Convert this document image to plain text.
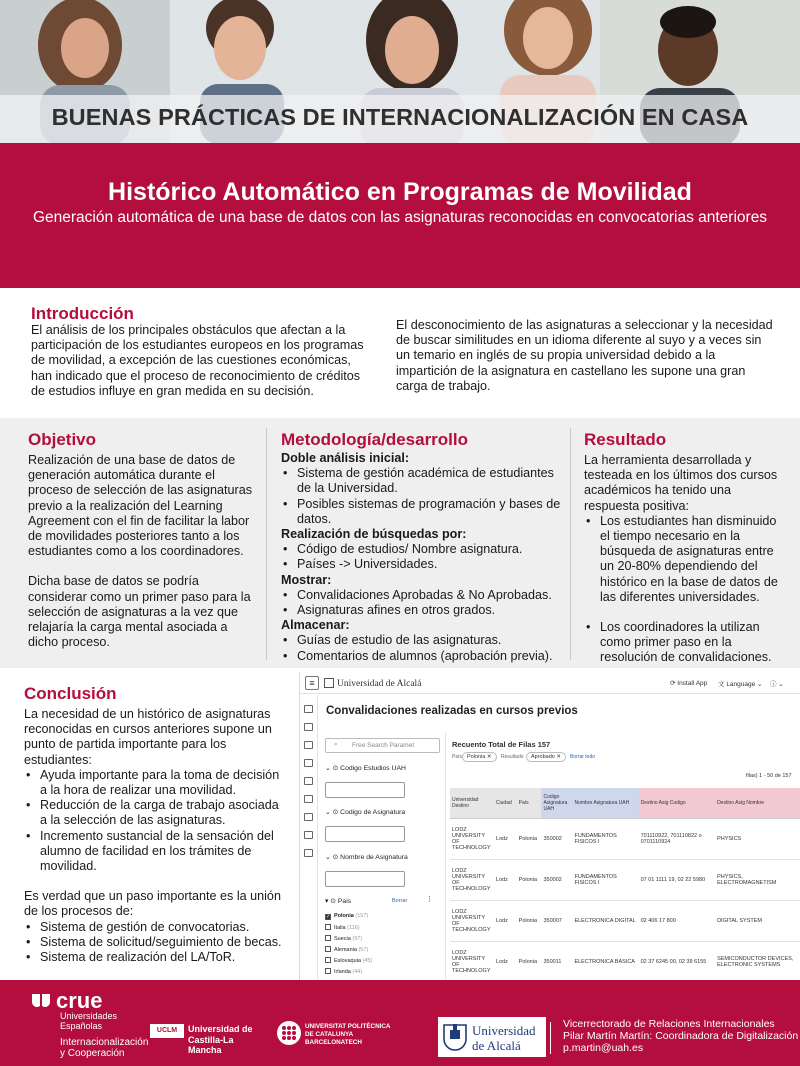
BUENAS PRÁCTICAS DE INTERNACIONALIZACIÓN EN CASA
Histórico Automático en Programas de Movilidad
Generación automática de una base de datos con las asignaturas reconocidas en convocatorias anteriores
Introducción
El análisis de los principales obstáculos que afectan a la participación de los estudiantes europeos en los programas de movilidad, a excepción de las cuestiones económicas, han indicado que el proceso de reconocimiento de créditos de estudios influye en gran medida en su decisión.
El desconocimiento de las asignaturas a seleccionar y la necesidad de buscar similitudes en un idioma diferente al suyo y a veces sin un temario en inglés de su propia universidad debido a la impartición de la asignatura en castellano les supone una gran carga de trabajo.
Objetivo
Realización de una base de datos de generación automática durante el proceso de selección de las asignaturas previo a la realización del Learning Agreement con el fin de facilitar la labor de movilidades posteriores tanto a los estudiantes como a los coordinadores.
Dicha base de datos se podría considerar como un primer paso para la selección de asignaturas a la vez que relajaría la carga mental asociada a dicho proceso.
Metodología/desarrollo
Doble análisis inicial:
• Sistema de gestión académica de estudiantes de la Universidad.
• Posibles sistemas de programación y bases de datos.
Realización de búsquedas por:
• Código de estudios/ Nombre asignatura.
• Países -> Universidades.
Mostrar:
• Convalidaciones Aprobadas & No Aprobadas.
• Asignaturas afines en otros grados.
Almacenar:
• Guías de estudio de las asignaturas.
• Comentarios de alumnos (aprobación previa).
Resultado
La herramienta desarrollada y testeada en los últimos dos cursos académicos ha tenido una respuesta positiva:
• Los estudiantes han disminuido el tiempo necesario en la búsqueda de asignaturas entre un 20-80% dependiendo del histórico en la base de datos de las diferentes universidades.
• Los coordinadores la utilizan como primer paso en la resolución de convalidaciones.
Conclusión
La necesidad de un histórico de asignaturas reconocidas en cursos anteriores supone un punto de partida importante para los estudiantes:
• Ayuda importante para la toma de decisión a la hora de realizar una movilidad.
• Reducción de la carga de trabajo asociada a la selección de las asignaturas.
• Incremento sustancial de la sensación del alumno de facilidad en los trámites de movilidad.
Es verdad que un paso importante es la unión de los procesos de:
• Sistema de gestión de convocatorias.
• Sistema de solicitud/seguimiento de becas.
• Sistema de realización del LA/ToR.
≡	Universidad de Alcalá	⟳ Install App 文 Language ⌄ ⓘ ⌄
Convalidaciones realizadas en cursos previos
⌕ Free Search Paramet
⌄ ⊙ Codigo Estudios UAH
⌄ ⊙ Codigo de Asignatura
⌄ ⊙ Nombre de Asignatura
▾ ⊙ Pais	Borrar	⋮
✓ Polonia (157)
Italia (116)
Suecia (97)
Alemania (57)
Eslovaquia (45)
Irlanda (44)
Recuento Total de Filas 157
País Polonia ✕	Resultado	Aprobado ✕	Borrar todo
filas) 1 - 50 de 157
Universidad Destino	Ciudad	País	Codigo Asignatura UAH	Nombre Asignatura UAH	Destino Asig Codigo	Destino Asig Nombre
LODZ UNIVERSITY OF TECHNOLOGY	Lodz	Polonia	350002	FUNDAMENTOS FISICOS I	701110922, 701110822 o 0701110924	PHYSICS
LODZ UNIVERSITY OF TECHNOLOGY	Lodz	Polonia	350002	FUNDAMENTOS FISICOS I	07 01 1111 19, 02 22 5980	PHYSICS, ELECTROMAGNETISM
LODZ UNIVERSITY OF TECHNOLOGY	Lodz	Polonia	350007	ELECTRONICA DIGITAL	02 406 17 800	DIGITAL SYSTEM
LODZ UNIVERSITY OF TECHNOLOGY	Lodz	Polonia	350011	ELECTRONICA BASICA	02 37 6245 00, 02 39 6155	SEMICONDUCTOR DEVICES, ELECTRONIC SYSTEMS
crue
Universidades Españolas
Internacionalización y Cooperación
UCLM	Universidad de Castilla-La Mancha
UNIVERSITAT POLITÈCNICA DE CATALUNYA BARCELONATECH
Universidad de Alcalá
Vicerrectorado de Relaciones Internacionales
Pilar Martín Martín: Coordinadora de Digitalización
p.martin@uah.es
